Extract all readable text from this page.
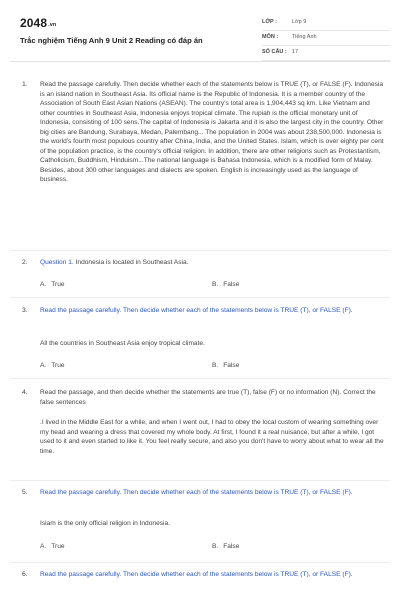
2048.vn
Trắc nghiệm Tiếng Anh 9 Unit 2 Reading có đáp án
LỚP :	Lớp 9
MÔN :	Tiếng Anh
SỐ CÂU : 17
1. Read the passage carefully. Then decide whether each of the statements below is TRUE (T), or FALSE (F). Indonesia is an island nation in Southeast Asia. Its official name is the Republic of Indonesia. It is a member country of the Association of South East Asian Nations (ASEAN). The country's total area is 1,904,443 sq km. Like Vietnam and other countries in Southeast Asia, Indonesia enjoys tropical climate. The rupiah is the official monetary unit of Indonesia, consisting of 100 sens.The capital of Indonesia is Jakarta and it is also the largest city in the country. Other big cities are Bandung, Surabaya, Medan, Palembang... The population in 2004 was about 238,500,000. Indonesia is the world's fourth most populous country after China, India, and the United States. Islam, which is over eighty per cent of the population practice, is the country's official religion. In addition, there are other religions such as Protestantism, Catholicism, Buddhism, Hinduism...The national language is Bahasa Indonesia, which is a modified form of Malay. Besides, about 300 other languages and dialects are spoken. English is increasingly used as the language of business.
2. Question 1. Indonesia is located in Southeast Asia.
A. True	B. False
3. Read the passage carefully. Then decide whether each of the statements below is TRUE (T), or FALSE (F).
All the countries in Southeast Asia enjoy tropical climate.
A. True	B. False
4. Read the passage, and then decide whether the statements are true (T), false (F) or no information (N). Correct the false sentences
.I lived in the Middle East for a while, and when I went out, I had to obey the local custom of wearing something over my head and wearing a dress that covered my whole body. At first, I found it a real nuisance, but after a while, I got used to it and even started to like it. You feel really secure, and also you don't have to worry about what to wear all the time.
5. Read the passage carefully. Then decide whether each of the statements below is TRUE (T), or FALSE (F).
Islam is the only official religion in Indonesia.
A. True	B. False
6. Read the passage carefully. Then decide whether each of the statements below is TRUE (T), or FALSE (F).
